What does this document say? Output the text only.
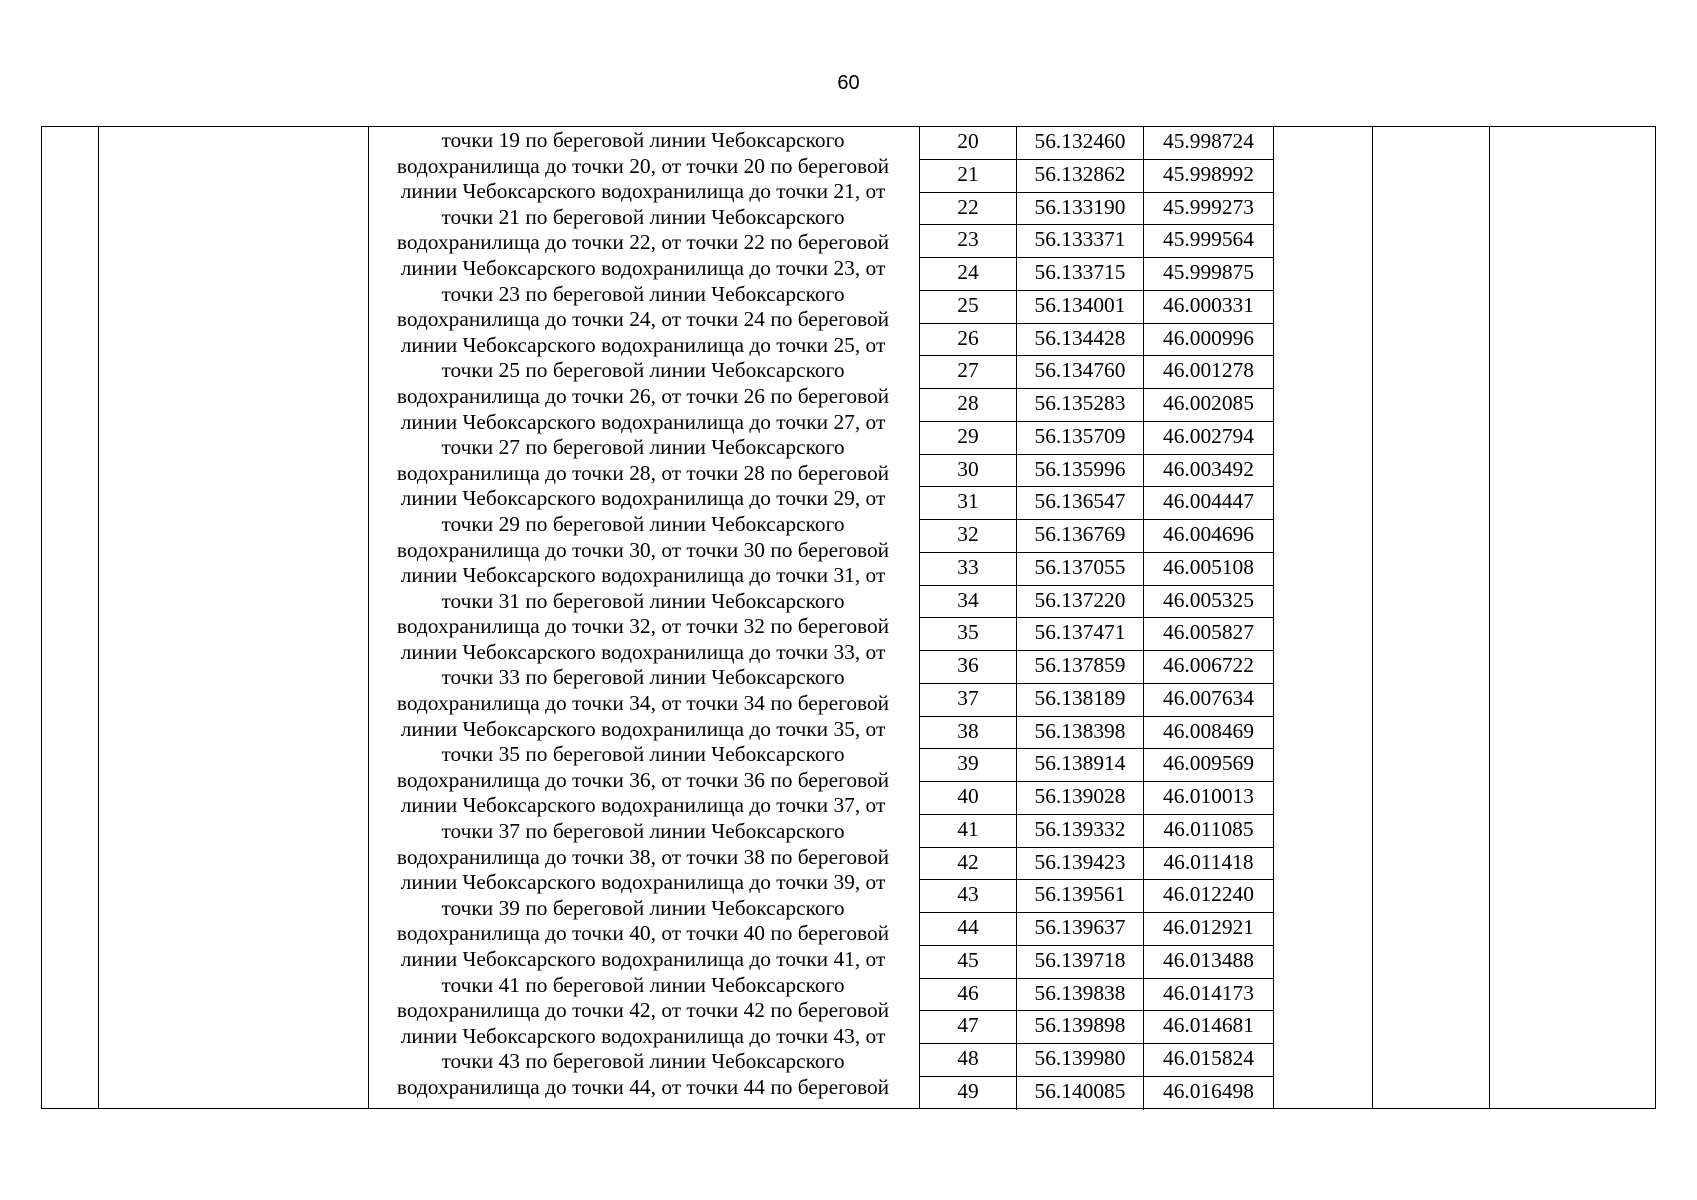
60
точки 19 по береговой линии Чебоксарского
водохранилища до точки 20, от точки 20 по береговой
линии Чебоксарского водохранилища до точки 21, от
точки 21 по береговой линии Чебоксарского
водохранилища до точки 22, от точки 22 по береговой
линии Чебоксарского водохранилища до точки 23, от
точки 23 по береговой линии Чебоксарского
водохранилища до точки 24, от точки 24 по береговой
линии Чебоксарского водохранилища до точки 25, от
точки 25 по береговой линии Чебоксарского
водохранилища до точки 26, от точки 26 по береговой
линии Чебоксарского водохранилища до точки 27, от
точки 27 по береговой линии Чебоксарского
водохранилища до точки 28, от точки 28 по береговой
линии Чебоксарского водохранилища до точки 29, от
точки 29 по береговой линии Чебоксарского
водохранилища до точки 30, от точки 30 по береговой
линии Чебоксарского водохранилища до точки 31, от
точки 31 по береговой линии Чебоксарского
водохранилища до точки 32, от точки 32 по береговой
линии Чебоксарского водохранилища до точки 33, от
точки 33 по береговой линии Чебоксарского
водохранилища до точки 34, от точки 34 по береговой
линии Чебоксарского водохранилища до точки 35, от
точки 35 по береговой линии Чебоксарского
водохранилища до точки 36, от точки 36 по береговой
линии Чебоксарского водохранилища до точки 37, от
точки 37 по береговой линии Чебоксарского
водохранилища до точки 38, от точки 38 по береговой
линии Чебоксарского водохранилища до точки 39, от
точки 39 по береговой линии Чебоксарского
водохранилища до точки 40, от точки 40 по береговой
линии Чебоксарского водохранилища до точки 41, от
точки 41 по береговой линии Чебоксарского
водохранилища до точки 42, от точки 42 по береговой
линии Чебоксарского водохранилища до точки 43, от
точки 43 по береговой линии Чебоксарского
водохранилища до точки 44, от точки 44 по береговой
20	56.132460	45.998724
21	56.132862	45.998992
22	56.133190	45.999273
23	56.133371	45.999564
24	56.133715	45.999875
25	56.134001	46.000331
26	56.134428	46.000996
27	56.134760	46.001278
28	56.135283	46.002085
29	56.135709	46.002794
30	56.135996	46.003492
31	56.136547	46.004447
32	56.136769	46.004696
33	56.137055	46.005108
34	56.137220	46.005325
35	56.137471	46.005827
36	56.137859	46.006722
37	56.138189	46.007634
38	56.138398	46.008469
39	56.138914	46.009569
40	56.139028	46.010013
41	56.139332	46.011085
42	56.139423	46.011418
43	56.139561	46.012240
44	56.139637	46.012921
45	56.139718	46.013488
46	56.139838	46.014173
47	56.139898	46.014681
48	56.139980	46.015824
49	56.140085	46.016498
